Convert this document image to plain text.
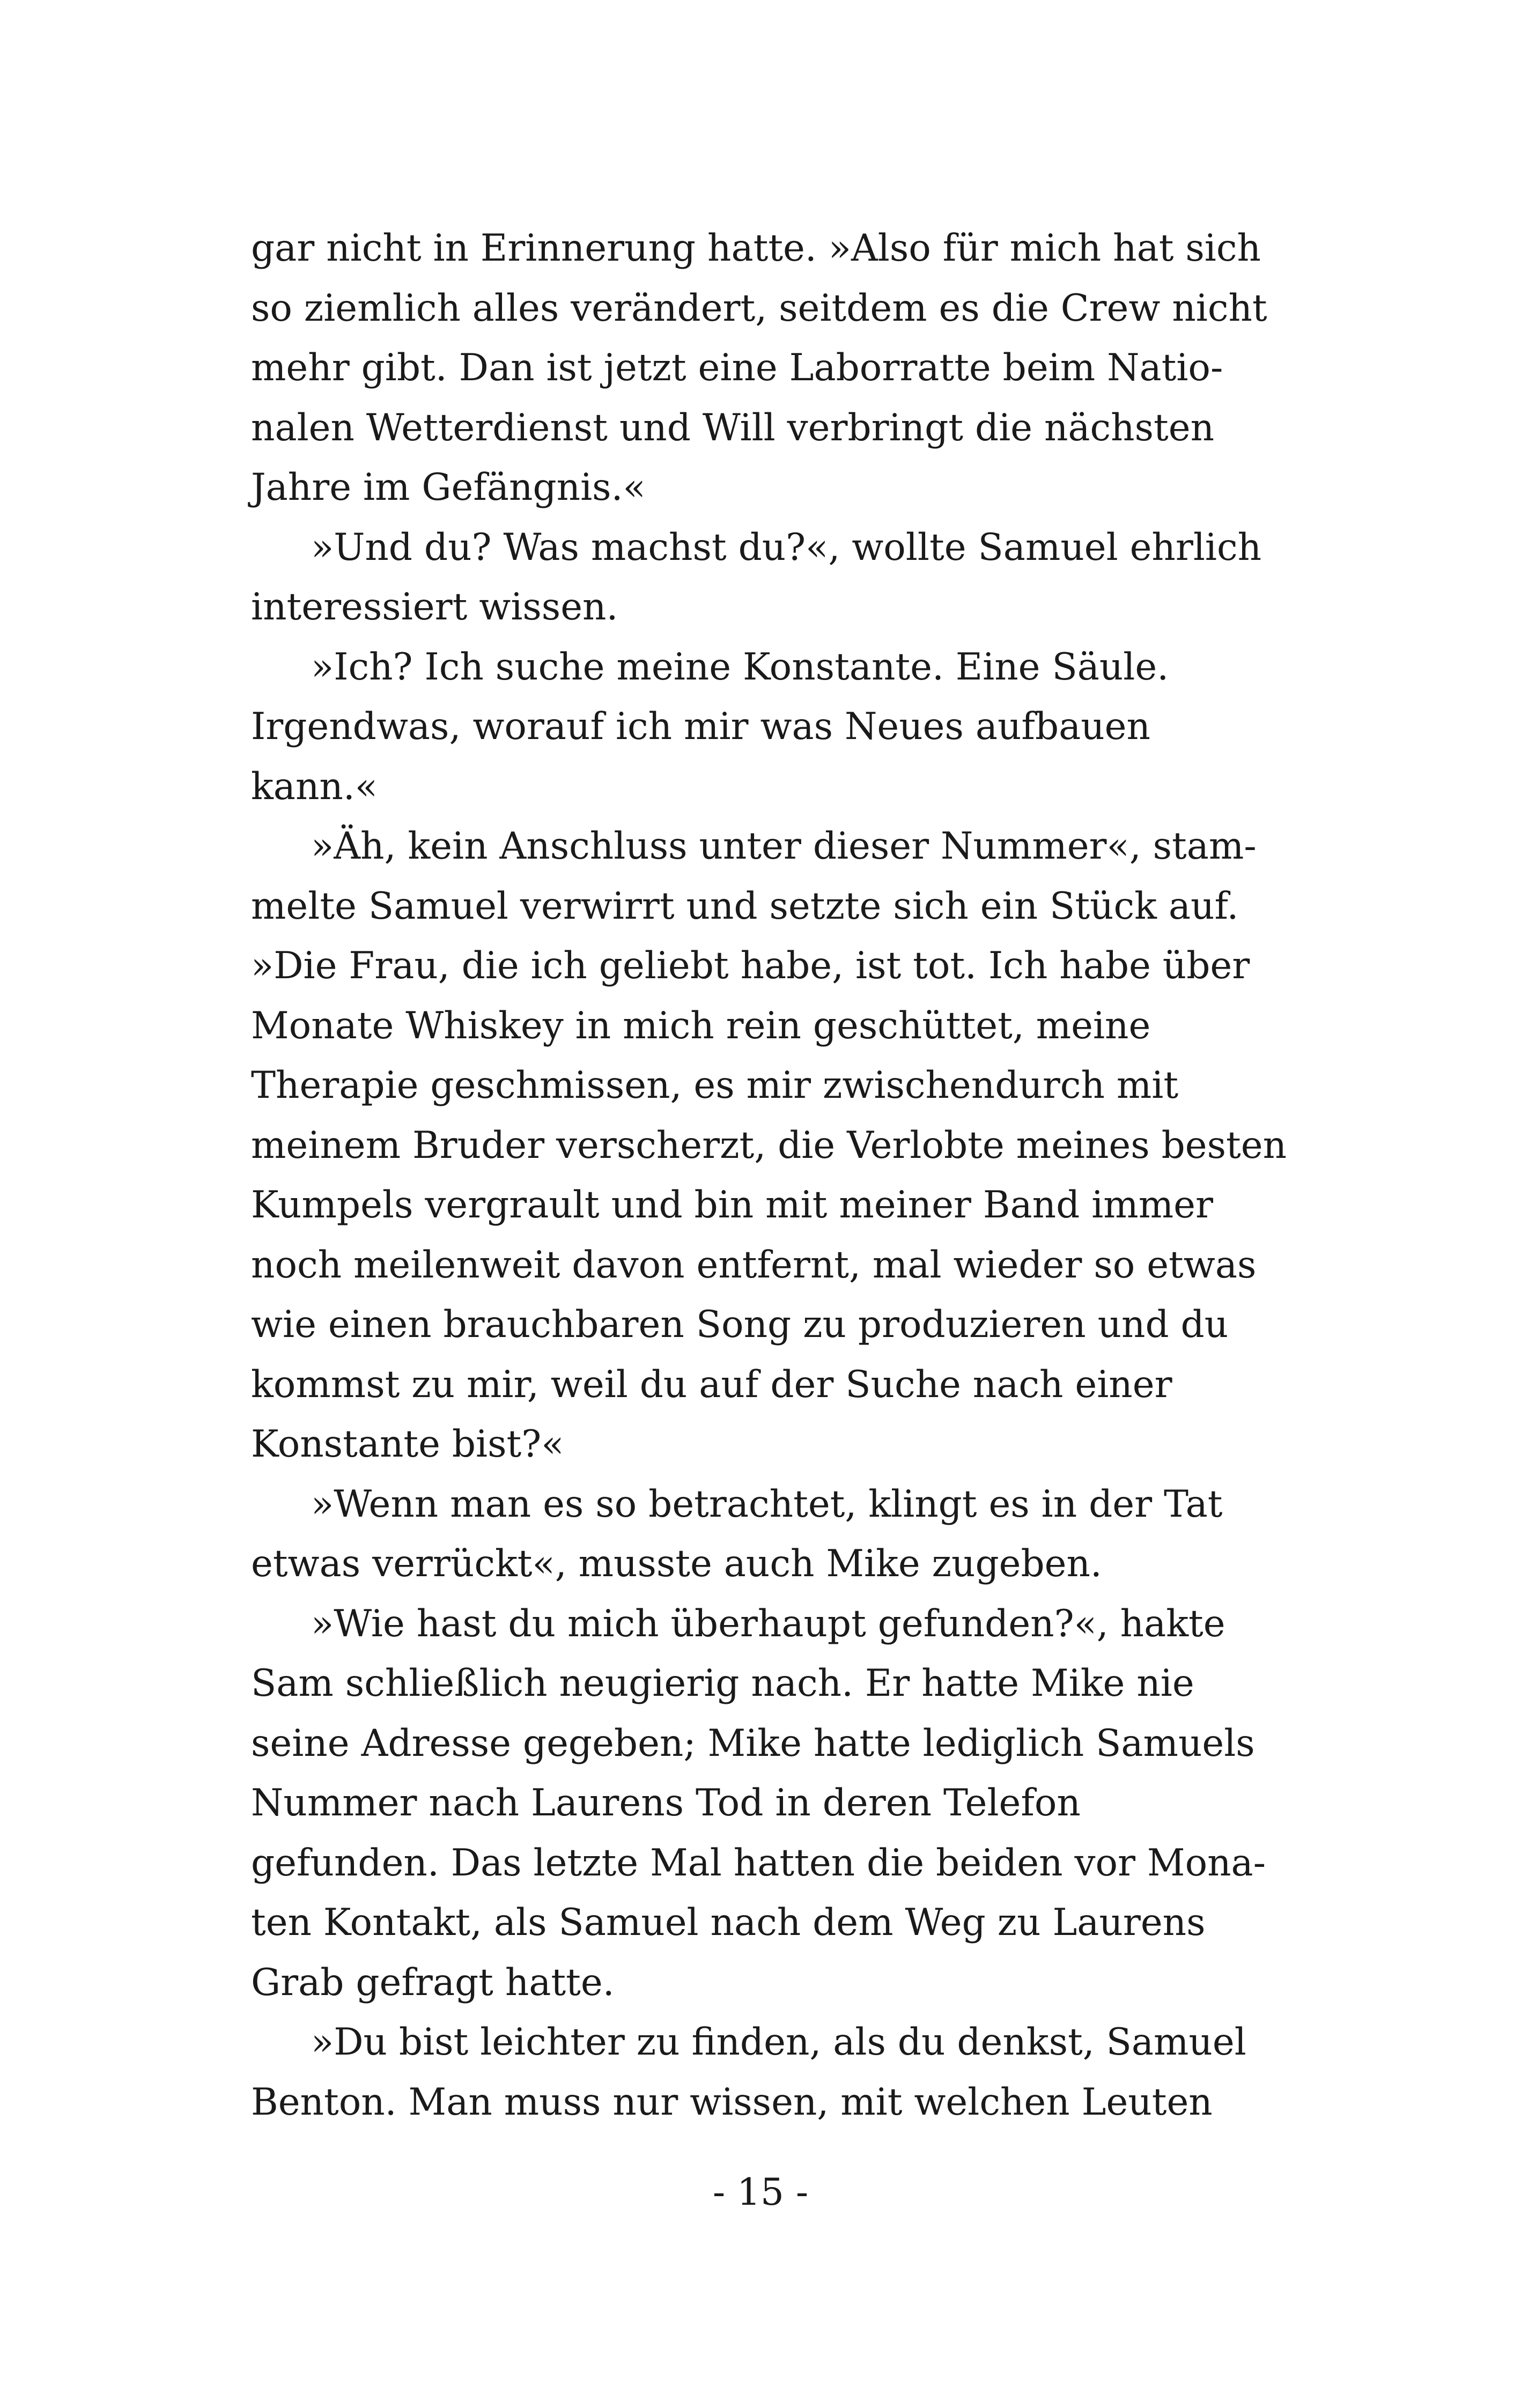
gar nicht in Erinnerung hatte. »Also für mich hat sich
so ziemlich alles verändert, seitdem es die Crew nicht
mehr gibt. Dan ist jetzt eine Laborratte beim Natio-
nalen Wetterdienst und Will verbringt die nächsten
Jahre im Gefängnis.«
»Und du? Was machst du?«, wollte Samuel ehrlich
interessiert wissen.
»Ich? Ich suche meine Konstante. Eine Säule.
Irgendwas, worauf ich mir was Neues aufbauen
kann.«
»Äh, kein Anschluss unter dieser Nummer«, stam-
melte Samuel verwirrt und setzte sich ein Stück auf.
»Die Frau, die ich geliebt habe, ist tot. Ich habe über
Monate Whiskey in mich rein geschüttet, meine
Therapie geschmissen, es mir zwischendurch mit
meinem Bruder verscherzt, die Verlobte meines besten
Kumpels vergrault und bin mit meiner Band immer
noch meilenweit davon entfernt, mal wieder so etwas
wie einen brauchbaren Song zu produzieren und du
kommst zu mir, weil du auf der Suche nach einer
Konstante bist?«
»Wenn man es so betrachtet, klingt es in der Tat
etwas verrückt«, musste auch Mike zugeben.
»Wie hast du mich überhaupt gefunden?«, hakte
Sam schließlich neugierig nach. Er hatte Mike nie
seine Adresse gegeben; Mike hatte lediglich Samuels
Nummer nach Laurens Tod in deren Telefon
gefunden. Das letzte Mal hatten die beiden vor Mona-
ten Kontakt, als Samuel nach dem Weg zu Laurens
Grab gefragt hatte.
»Du bist leichter zu finden, als du denkst, Samuel
Benton. Man muss nur wissen, mit welchen Leuten
- 15 -
